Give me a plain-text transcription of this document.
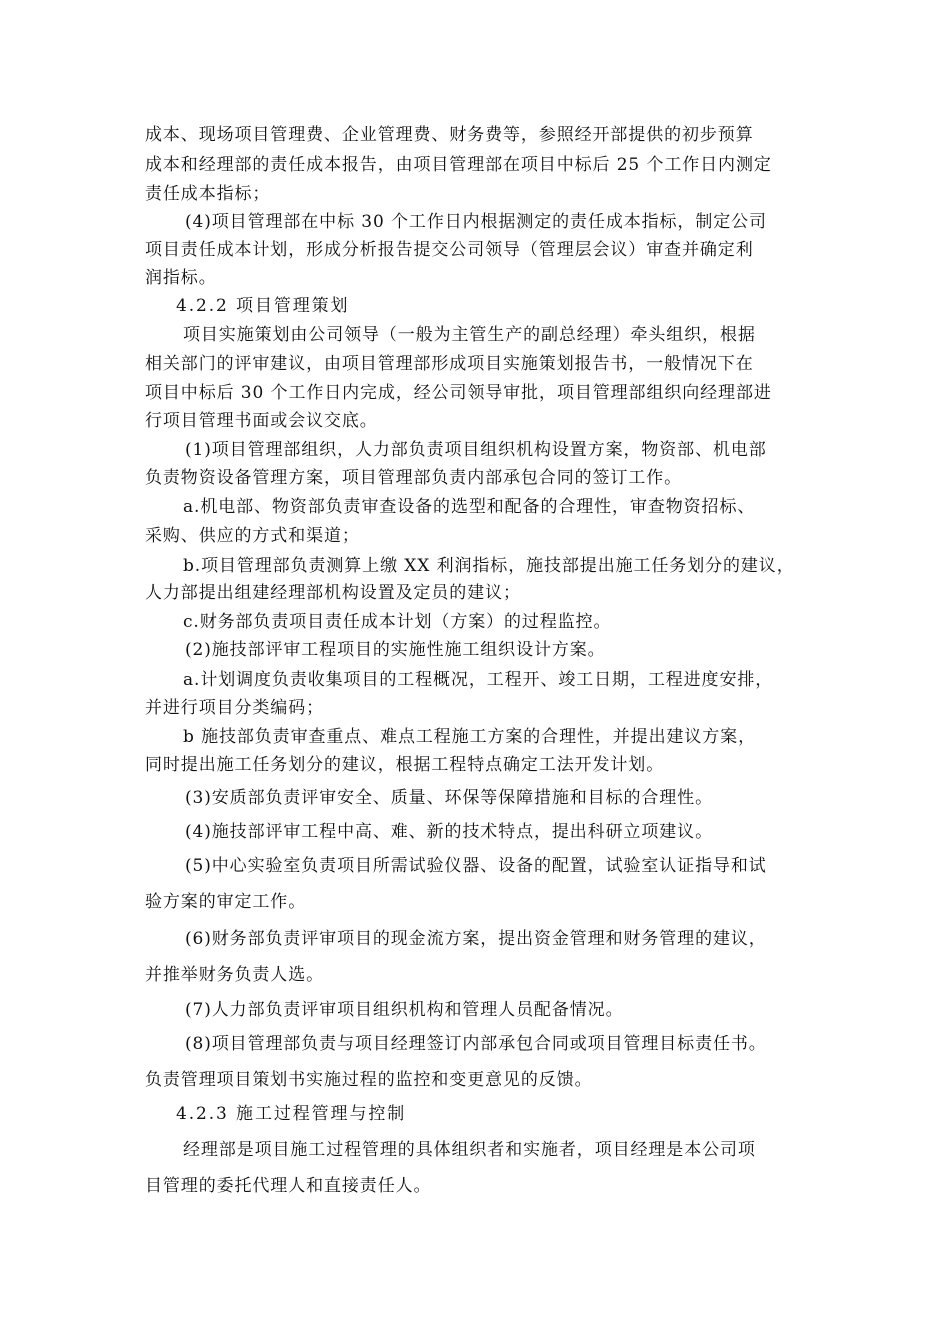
成本、现场项目管理费、企业管理费、财务费等，参照经开部提供的初步预算
成本和经理部的责任成本报告，由项目管理部在项目中标后 25 个工作日内测定
责任成本指标；
(4)项目管理部在中标 30 个工作日内根据测定的责任成本指标，制定公司
项目责任成本计划，形成分析报告提交公司领导（管理层会议）审查并确定利
润指标。
4.2.2 项目管理策划
项目实施策划由公司领导（一般为主管生产的副总经理）牵头组织，根据
相关部门的评审建议，由项目管理部形成项目实施策划报告书，一般情况下在
项目中标后 30 个工作日内完成，经公司领导审批，项目管理部组织向经理部进
行项目管理书面或会议交底。
(1)项目管理部组织，人力部负责项目组织机构设置方案，物资部、机电部
负责物资设备管理方案，项目管理部负责内部承包合同的签订工作。
a.机电部、物资部负责审查设备的选型和配备的合理性，审查物资招标、
采购、供应的方式和渠道；
b.项目管理部负责测算上缴 XX 利润指标，施技部提出施工任务划分的建议，
人力部提出组建经理部机构设置及定员的建议；
c.财务部负责项目责任成本计划（方案）的过程监控。
(2)施技部评审工程项目的实施性施工组织设计方案。
a.计划调度负责收集项目的工程概况，工程开、竣工日期，工程进度安排，
并进行项目分类编码；
b 施技部负责审查重点、难点工程施工方案的合理性，并提出建议方案，
同时提出施工任务划分的建议，根据工程特点确定工法开发计划。
(3)安质部负责评审安全、质量、环保等保障措施和目标的合理性。
(4)施技部评审工程中高、难、新的技术特点，提出科研立项建议。
(5)中心实验室负责项目所需试验仪器、设备的配置，试验室认证指导和试
验方案的审定工作。
(6)财务部负责评审项目的现金流方案，提出资金管理和财务管理的建议，
并推举财务负责人选。
(7)人力部负责评审项目组织机构和管理人员配备情况。
(8)项目管理部负责与项目经理签订内部承包合同或项目管理目标责任书。
负责管理项目策划书实施过程的监控和变更意见的反馈。
4.2.3 施工过程管理与控制
经理部是项目施工过程管理的具体组织者和实施者，项目经理是本公司项
目管理的委托代理人和直接责任人。
